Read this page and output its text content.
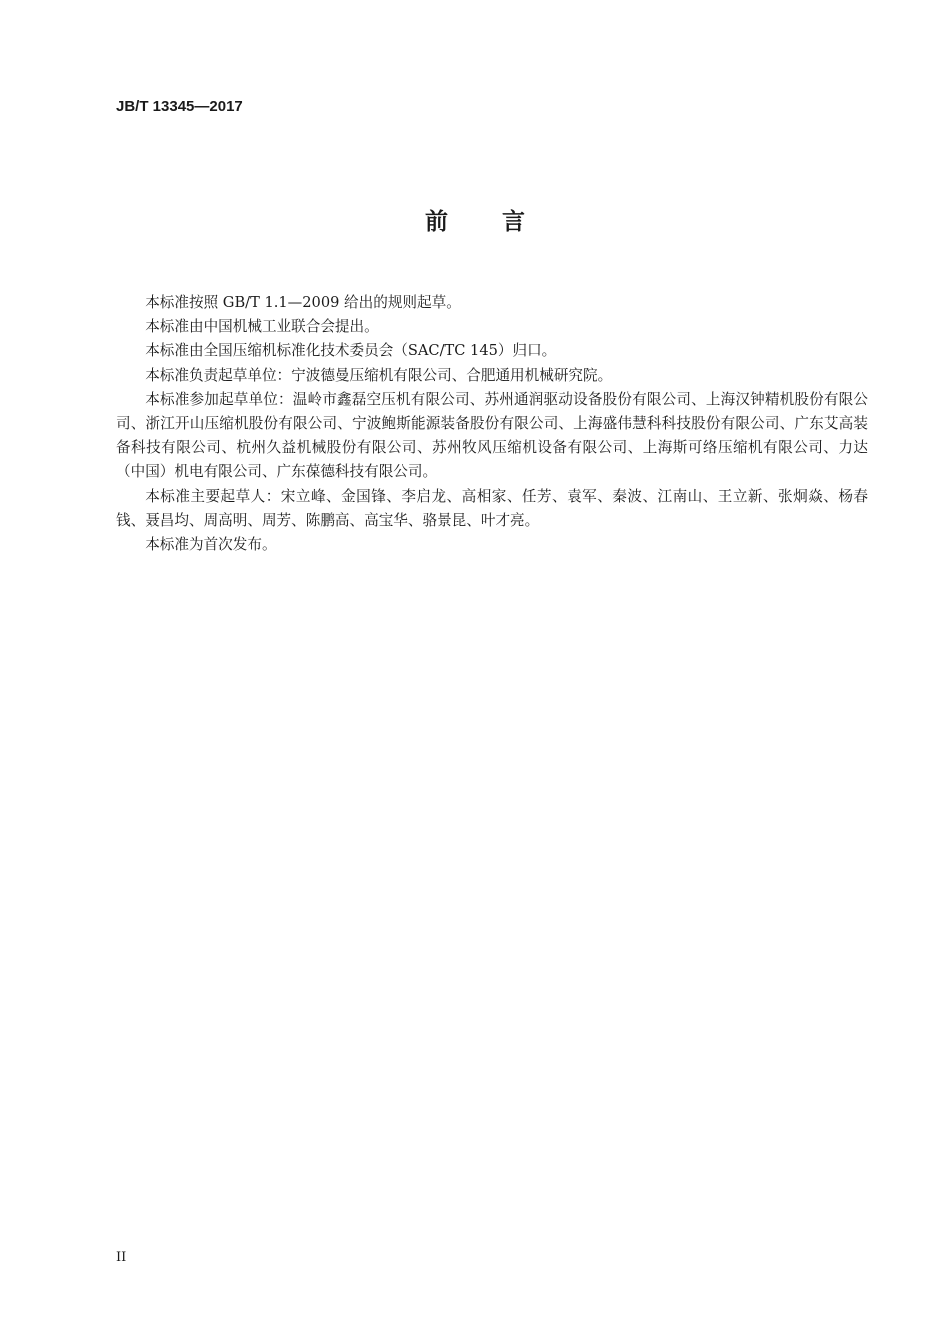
JB/T 13345—2017
前 言

本标准按照 GB/T 1.1—2009 给出的规则起草。

本标准由中国机械工业联合会提出。

本标准由全国压缩机标准化技术委员会（SAC/TC 145）归口。

本标准负责起草单位：宁波德曼压缩机有限公司、合肥通用机械研究院。

本标准参加起草单位：温岭市鑫磊空压机有限公司、苏州通润驱动设备股份有限公司、上海汉钟精机股份有限公司、浙江开山压缩机股份有限公司、宁波鲍斯能源装备股份有限公司、上海盛伟慧科科技股份有限公司、广东艾高装备科技有限公司、杭州久益机械股份有限公司、苏州牧风压缩机设备有限公司、上海斯可络压缩机有限公司、力达（中国）机电有限公司、广东葆德科技有限公司。

本标准主要起草人：宋立峰、金国锋、李启龙、高相家、任芳、袁军、秦波、江南山、王立新、张炯焱、杨春钱、聂昌均、周高明、周芳、陈鹏高、高宝华、骆景昆、叶才亮。

本标准为首次发布。

II
